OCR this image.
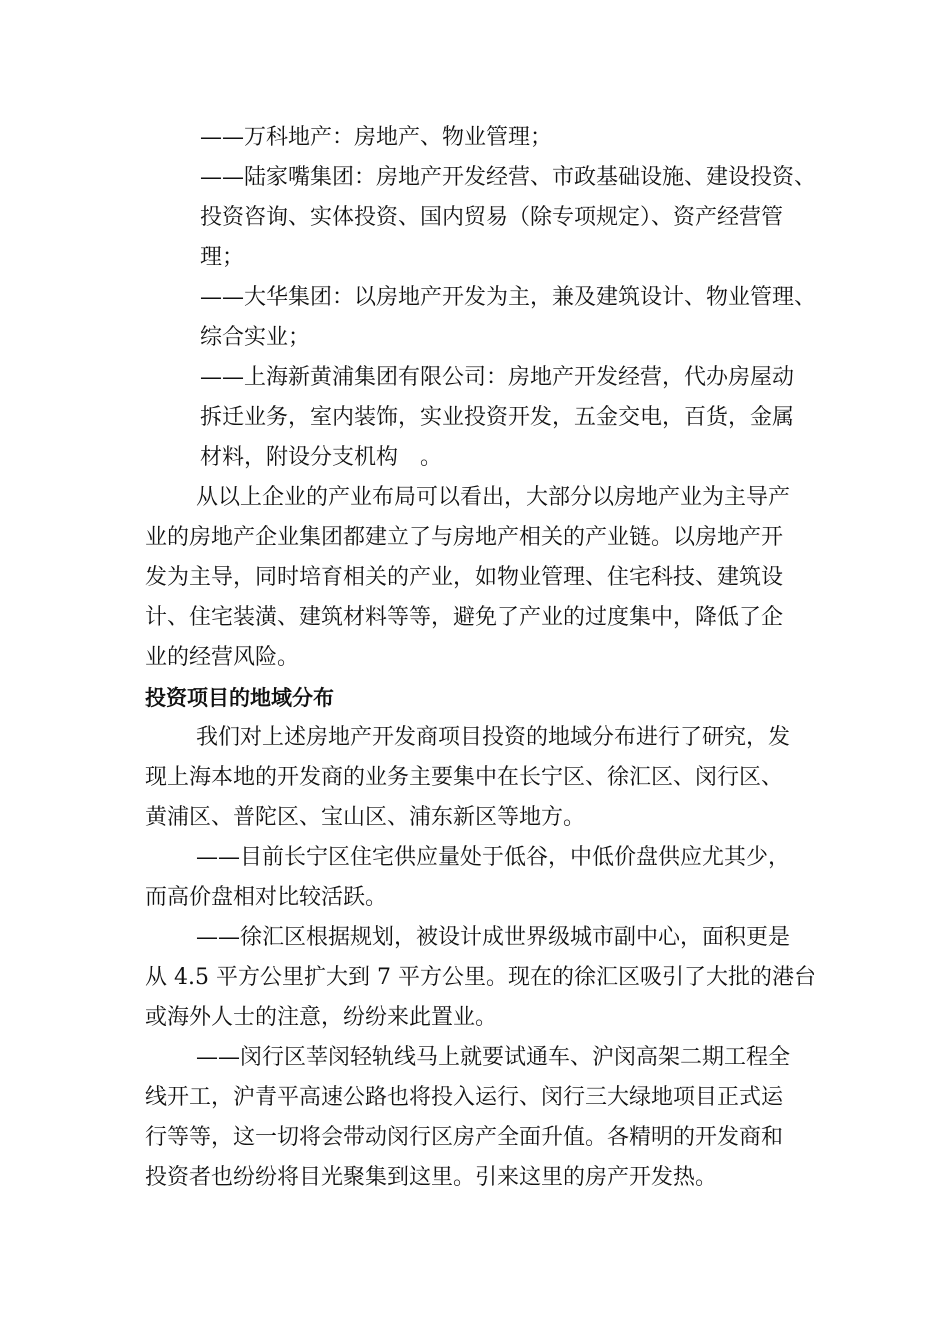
——万科地产：房地产、物业管理；
——陆家嘴集团：房地产开发经营、市政基础设施、建设投资、
投资咨询、实体投资、国内贸易（除专项规定）、资产经营管
理；
——大华集团：以房地产开发为主，兼及建筑设计、物业管理、
综合实业；
——上海新黄浦集团有限公司：房地产开发经营，代办房屋动
拆迁业务，室内装饰，实业投资开发，五金交电，百货，金属
材料，附设分支机构　。
从以上企业的产业布局可以看出，大部分以房地产业为主导产
业的房地产企业集团都建立了与房地产相关的产业链。以房地产开
发为主导，同时培育相关的产业，如物业管理、住宅科技、建筑设
计、住宅装潢、建筑材料等等，避免了产业的过度集中，降低了企
业的经营风险。
投资项目的地域分布
我们对上述房地产开发商项目投资的地域分布进行了研究，发
现上海本地的开发商的业务主要集中在长宁区、徐汇区、闵行区、
黄浦区、普陀区、宝山区、浦东新区等地方。
——目前长宁区住宅供应量处于低谷，中低价盘供应尤其少，
而高价盘相对比较活跃。
——徐汇区根据规划，被设计成世界级城市副中心，面积更是
从 4.5 平方公里扩大到 7 平方公里。现在的徐汇区吸引了大批的港台
或海外人士的注意，纷纷来此置业。
——闵行区莘闵轻轨线马上就要试通车、沪闵高架二期工程全
线开工，沪青平高速公路也将投入运行、闵行三大绿地项目正式运
行等等，这一切将会带动闵行区房产全面升值。各精明的开发商和
投资者也纷纷将目光聚集到这里。引来这里的房产开发热。
